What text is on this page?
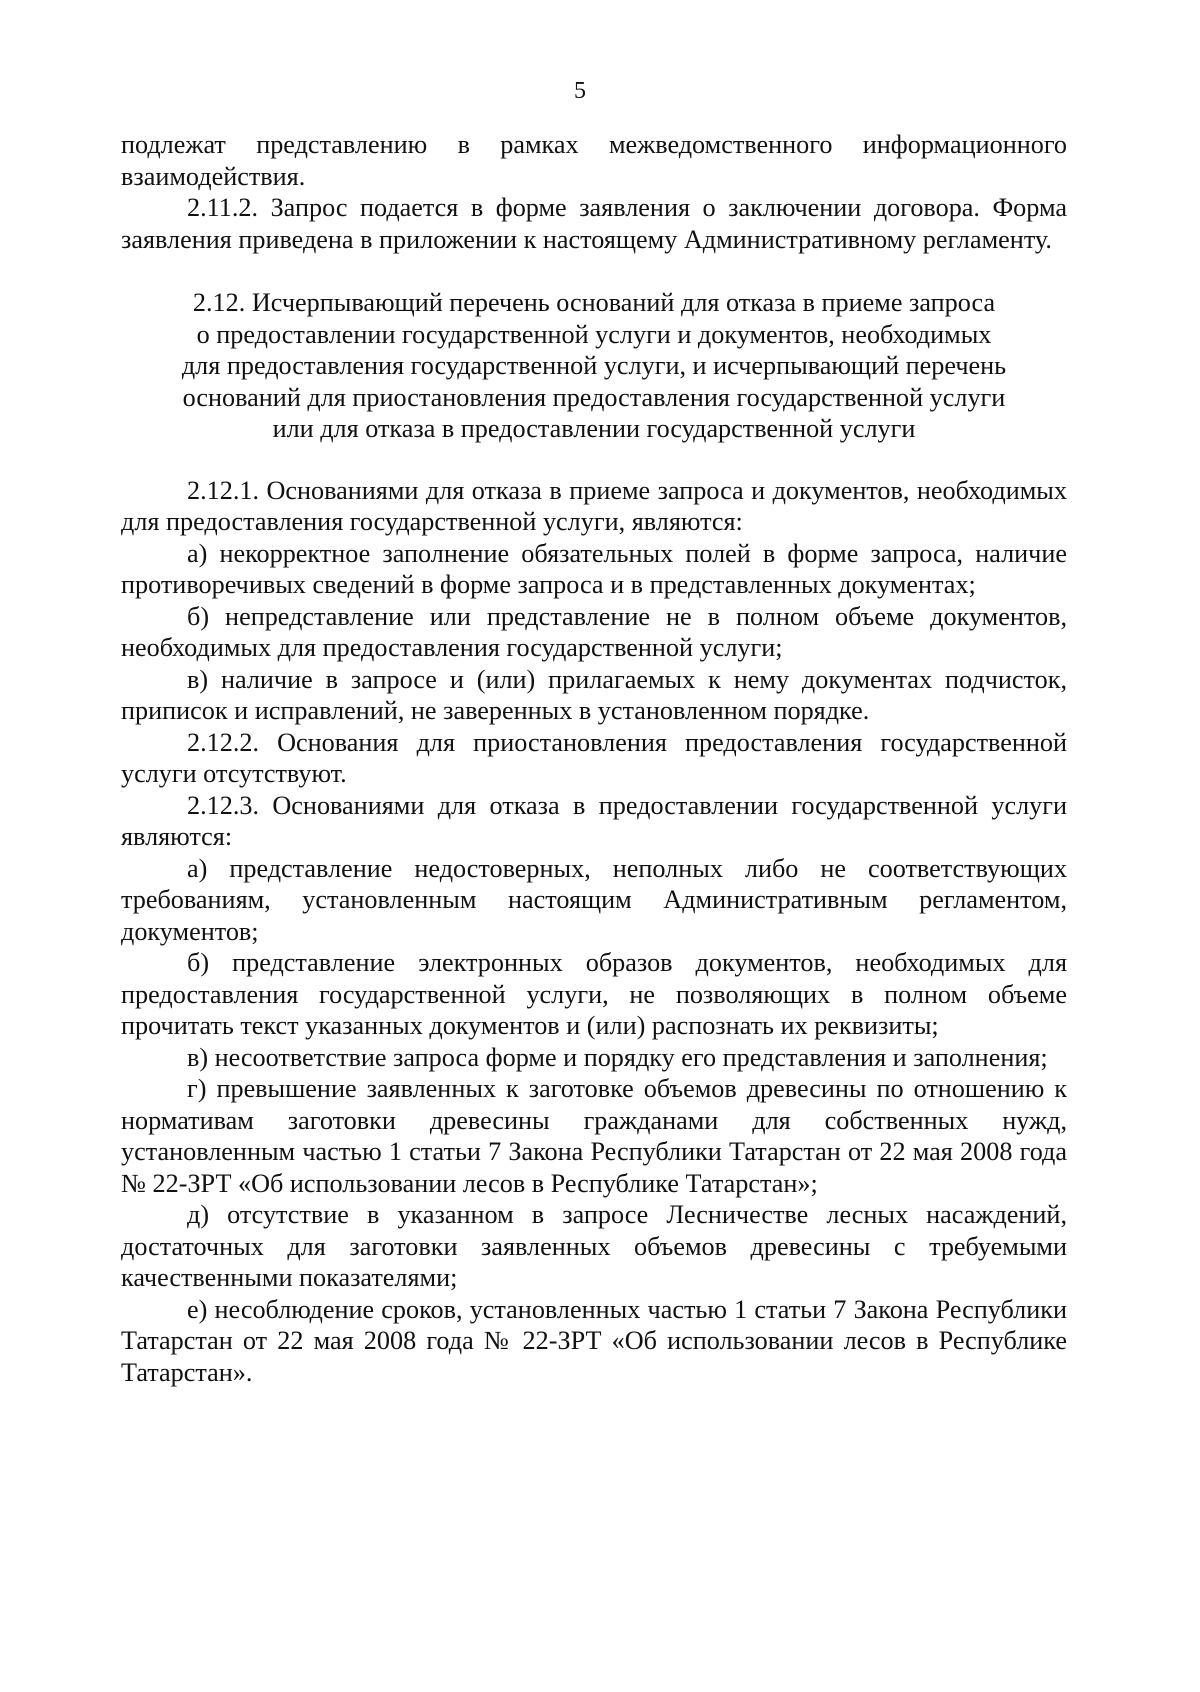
5

подлежат представлению в рамках межведомственного информационного взаимодействия.

2.11.2. Запрос подается в форме заявления о заключении договора. Форма заявления приведена в приложении к настоящему Административному регламенту.

2.12. Исчерпывающий перечень оснований для отказа в приеме запроса
о предоставлении государственной услуги и документов, необходимых
для предоставления государственной услуги, и исчерпывающий перечень
оснований для приостановления предоставления государственной услуги
или для отказа в предоставлении государственной услуги

2.12.1. Основаниями для отказа в приеме запроса и документов, необходимых для предоставления государственной услуги, являются:

а) некорректное заполнение обязательных полей в форме запроса, наличие противоречивых сведений в форме запроса и в представленных документах;

б) непредставление или представление не в полном объеме документов, необходимых для предоставления государственной услуги;

в) наличие в запросе и (или) прилагаемых к нему документах подчисток, приписок и исправлений, не заверенных в установленном порядке.

2.12.2. Основания для приостановления предоставления государственной услуги отсутствуют.

2.12.3. Основаниями для отказа в предоставлении государственной услуги являются:

а) представление недостоверных, неполных либо не соответствующих требованиям, установленным настоящим Административным регламентом, документов;

б) представление электронных образов документов, необходимых для предоставления государственной услуги, не позволяющих в полном объеме прочитать текст указанных документов и (или) распознать их реквизиты;

в) несоответствие запроса форме и порядку его представления и заполнения;

г) превышение заявленных к заготовке объемов древесины по отношению к нормативам заготовки древесины гражданами для собственных нужд, установленным частью 1 статьи 7 Закона Республики Татарстан от 22 мая 2008 года № 22-ЗРТ «Об использовании лесов в Республике Татарстан»;

д) отсутствие в указанном в запросе Лесничестве лесных насаждений, достаточных для заготовки заявленных объемов древесины с требуемыми качественными показателями;

е) несоблюдение сроков, установленных частью 1 статьи 7 Закона Республики Татарстан от 22 мая 2008 года № 22-ЗРТ «Об использовании лесов в Республике Татарстан».
